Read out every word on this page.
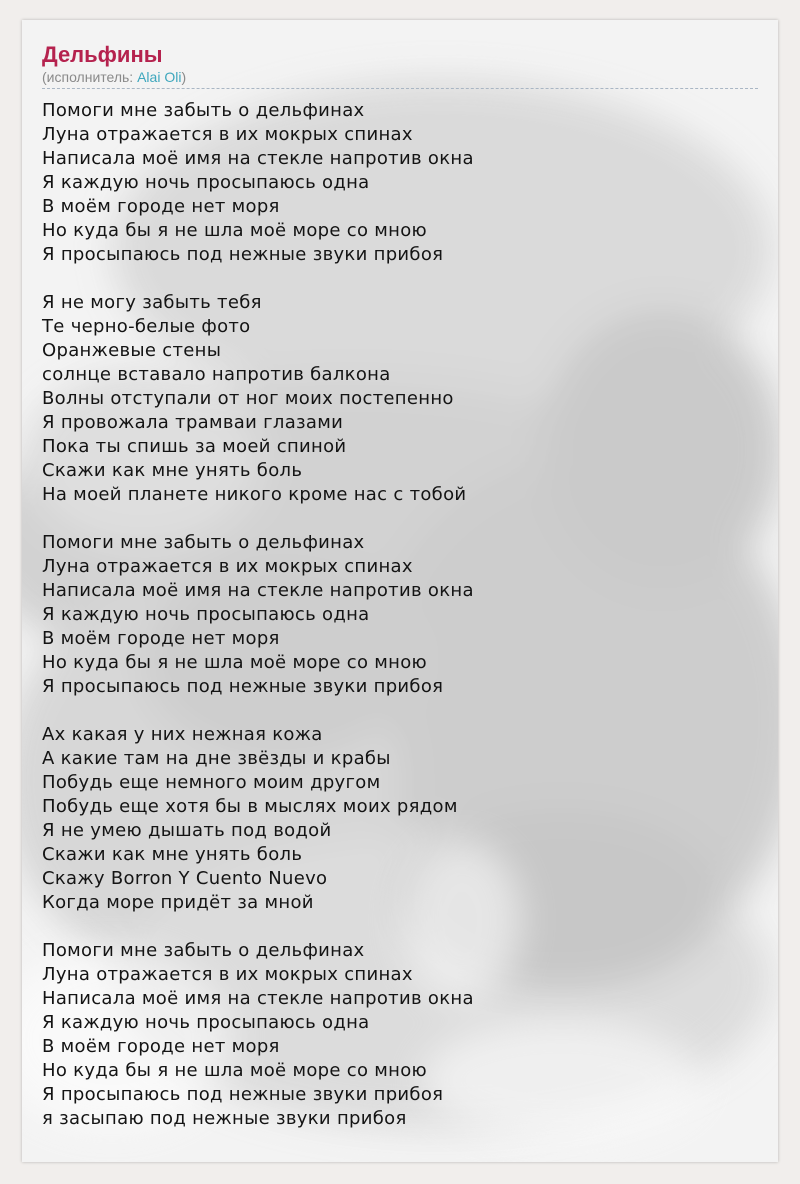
Дельфины
(исполнитель: Alai Oli)
Помоги мне забыть о дельфинах
Луна отражается в их мокрых спинах
Написала моё имя на стекле напротив окна
Я каждую ночь просыпаюсь одна
В моём городе нет моря
Но куда бы я не шла моё море со мною
Я просыпаюсь под нежные звуки прибоя
Я не могу забыть тебя
Те черно-белые фото
Оранжевые стены
солнце вставало напротив балкона
Волны отступали от ног моих постепенно
Я провожала трамваи глазами
Пока ты спишь за моей спиной
Скажи как мне унять боль
На моей планете никого кроме нас с тобой
Помоги мне забыть о дельфинах
Луна отражается в их мокрых спинах
Написала моё имя на стекле напротив окна
Я каждую ночь просыпаюсь одна
В моём городе нет моря
Но куда бы я не шла моё море со мною
Я просыпаюсь под нежные звуки прибоя
Ах какая у них нежная кожа
А какие там на дне звёзды и крабы
Побудь еще немного моим другом
Побудь еще хотя бы в мыслях моих рядом
Я не умею дышать под водой
Скажи как мне унять боль
Скажу Borron Y Cuento Nuevo
Когда море придёт за мной
Помоги мне забыть о дельфинах
Луна отражается в их мокрых спинах
Написала моё имя на стекле напротив окна
Я каждую ночь просыпаюсь одна
В моём городе нет моря
Но куда бы я не шла моё море со мною
Я просыпаюсь под нежные звуки прибоя
я засыпаю под нежные звуки прибоя
